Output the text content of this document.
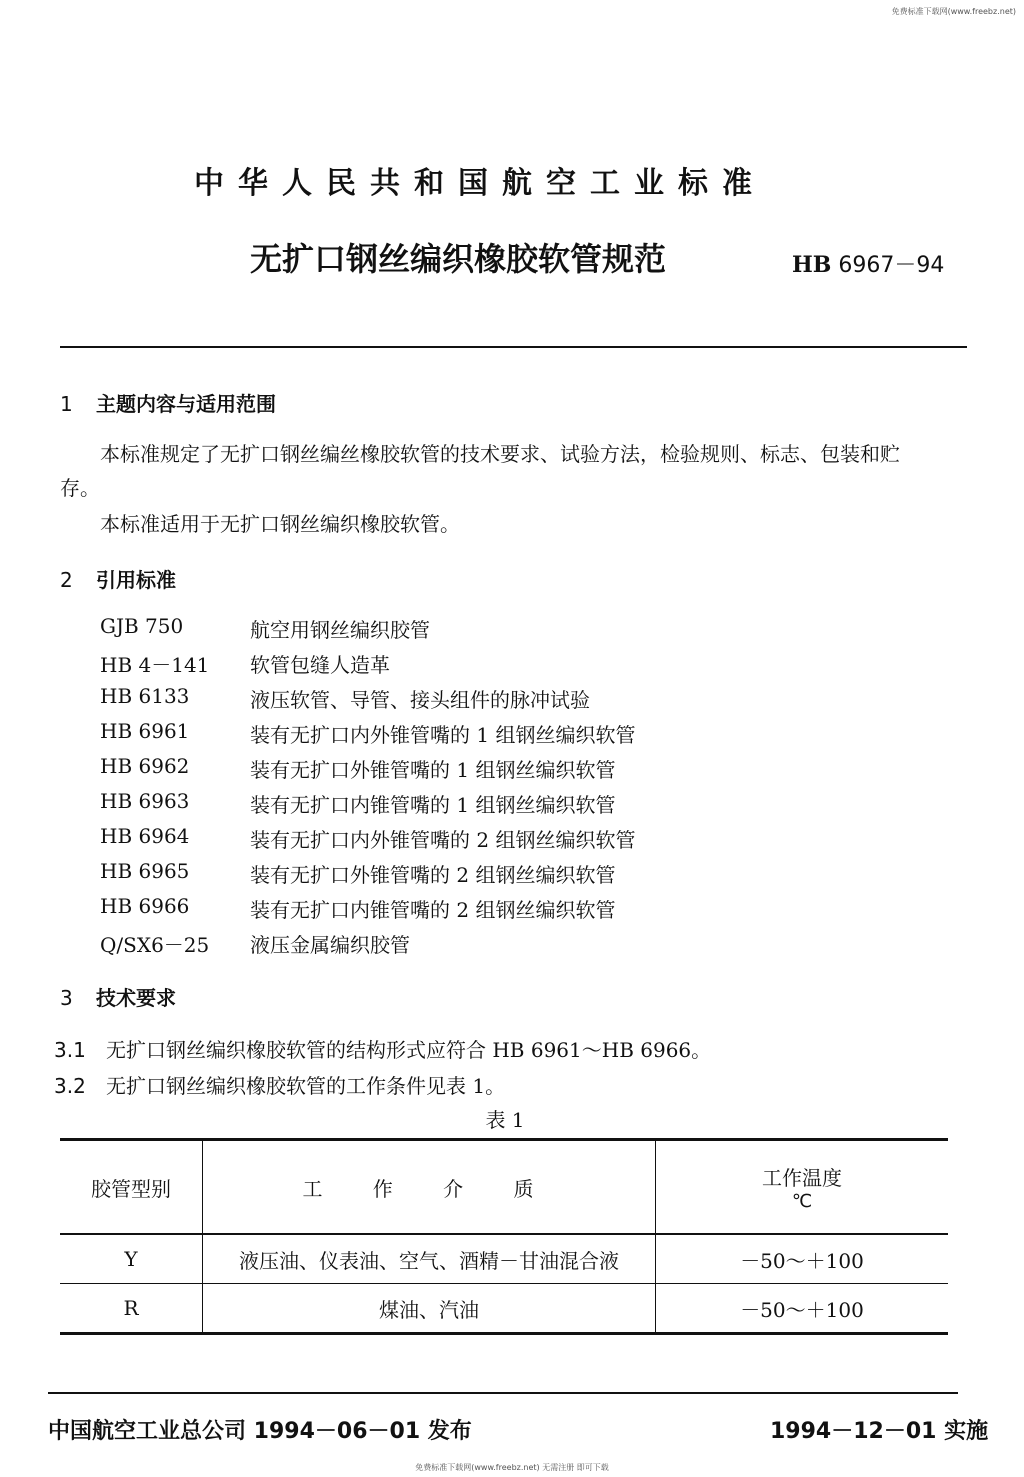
免费标准下载网(www.freebz.net)
中华人民共和国航空工业标准
无扩口钢丝编织橡胶软管规范	HB 6967－94
1 主题内容与适用范围
本标准规定了无扩口钢丝编丝橡胶软管的技术要求、试验方法，检验规则、标志、包装和贮
存。
本标准适用于无扩口钢丝编织橡胶软管。
2 引用标准
GJB 750	航空用钢丝编织胶管
HB 4－141	软管包缝人造革
HB 6133	液压软管、导管、接头组件的脉冲试验
HB 6961	装有无扩口内外锥管嘴的 1 组钢丝编织软管
HB 6962	装有无扩口外锥管嘴的 1 组钢丝编织软管
HB 6963	装有无扩口内锥管嘴的 1 组钢丝编织软管
HB 6964	装有无扩口内外锥管嘴的 2 组钢丝编织软管
HB 6965	装有无扩口外锥管嘴的 2 组钢丝编织软管
HB 6966	装有无扩口内锥管嘴的 2 组钢丝编织软管
Q/SX6－25	液压金属编织胶管
3 技术要求
3.1 无扩口钢丝编织橡胶软管的结构形式应符合 HB 6961～HB 6966。
3.2 无扩口钢丝编织橡胶软管的工作条件见表 1。
表 1
胶管型别	工 作 介 质	工作温度
℃

Y	液压油、仪表油、空气、酒精－甘油混合液	－50～＋100
R	煤油、汽油	－50～＋100
中国航空工业总公司 1994－06－01 发布	1994－12－01 实施
免费标准下载网(www.freebz.net) 无需注册 即可下载
